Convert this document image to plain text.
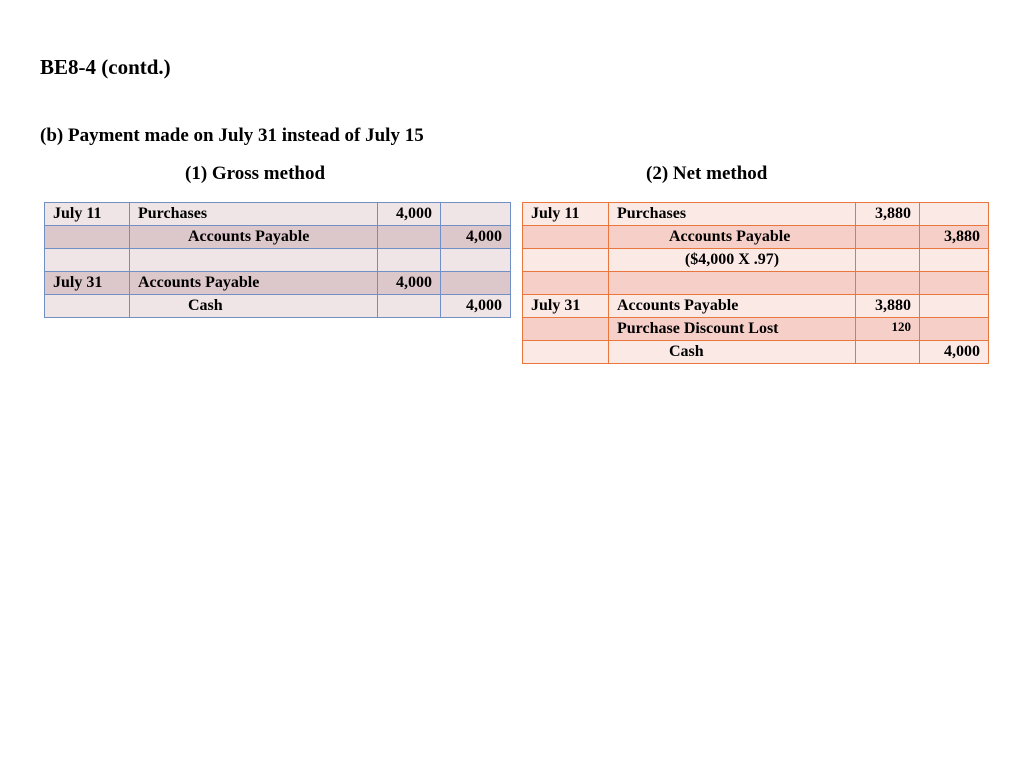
BE8-4 (contd.)
(b) Payment made on July 31 instead of July 15
(1) Gross method	(2) Net method
July 11	Purchases	4,000	
	Accounts Payable		4,000

July 31	Accounts Payable	4,000	
	Cash		4,000
July 11	Purchases	3,880	
	Accounts Payable		3,880
	($4,000 X .97)		

July 31	Accounts Payable	3,880	
	Purchase Discount Lost	120	
	Cash		4,000
